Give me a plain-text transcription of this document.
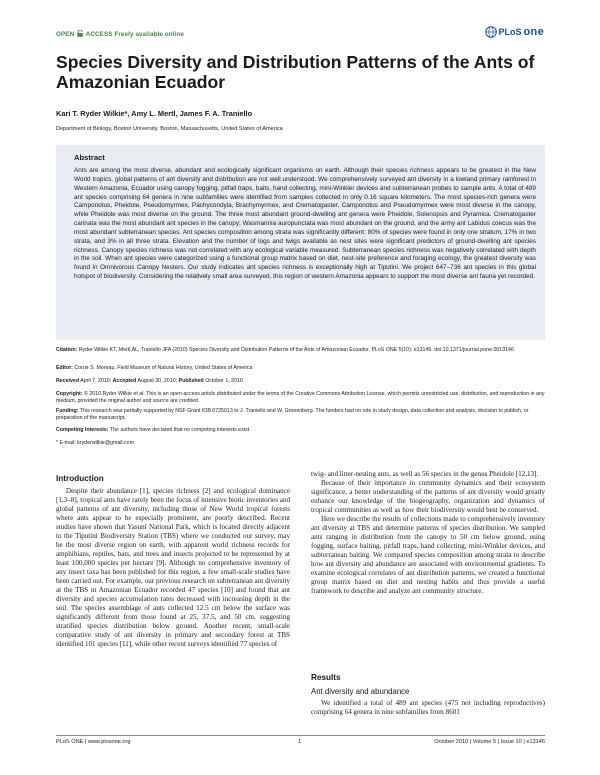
OPEN ACCESS Freely available online	PLoS one
Species Diversity and Distribution Patterns of the Ants of Amazonian Ecuador
Kari T. Ryder Wilkie*, Amy L. Mertl, James F. A. Traniello
Department of Biology, Boston University, Boston, Massachusetts, United States of America
Abstract

Ants are among the most diverse, abundant and ecologically significant organisms on earth. Although their species richness appears to be greatest in the New World tropics, global patterns of ant diversity and distribution are not well understood. We comprehensively surveyed ant diversity in a lowland primary rainforest in Western Amazonia, Ecuador using canopy fogging, pitfall traps, baits, hand collecting, mini-Winkler devices and subterranean probes to sample ants. A total of 489 ant species comprising 64 genera in nine subfamilies were identified from samples collected in only 0.16 square kilometers. The most species-rich genera were Camponotus, Pheidole, Pseudomyrmex, Pachycondyla, Brachymyrmex, and Crematogaster. Camponotus and Pseudomyrmex were most diverse in the canopy, while Pheidole was most diverse on the ground. The three most abundant ground-dwelling ant genera were Pheidole, Solenopsis and Pyramica. Crematogaster carinata was the most abundant ant species in the canopy; Wasmannia auropunctata was most abundant on the ground, and the army ant Labidus coecus was the most abundant subterranean species. Ant species composition among strata was significantly different: 80% of species were found in only one stratum, 17% in two strata, and 3% in all three strata. Elevation and the number of logs and twigs available as nest sites were significant predictors of ground-dwelling ant species richness. Canopy species richness was not correlated with any ecological variable measured. Subterranean species richness was negatively correlated with depth in the soil. When ant species were categorized using a functional group matrix based on diet, nest-site preference and foraging ecology, the greatest diversity was found in Omnivorous Canopy Nesters. Our study indicates ant species richness is exceptionally high at Tiputini. We project 647–736 ant species in this global hotspot of biodiversity. Considering the relatively small area surveyed, this region of western Amazonia appears to support the most diverse ant fauna yet recorded.

Citation: Ryder Wilkie KT, Mertl AL, Traniello JFA (2010) Species Diversity and Distribution Patterns of the Ants of Amazonian Ecuador. PLoS ONE 5(10): e13146. doi:10.1371/journal.pone.0013146
Editor: Corrie S. Moreau, Field Museum of Natural History, United States of America
Received April 7, 2010; Accepted August 30, 2010; Published October 1, 2010
Copyright: © 2010 Ryder Wilkie et al. This is an open-access article distributed under the terms of the Creative Commons Attribution License, which permits unrestricted use, distribution, and reproduction in any medium, provided the original author and source are credited.
Funding: This research was partially supported by NSF Grant IOB 0725013 to J. Traniello and W. Gronenberg. The funders had no role in study design, data collection and analysis, decision to publish, or preparation of the manuscript.
Competing Interests: The authors have declared that no competing interests exist.
* E-mail: kryderwilkie@gmail.com
Introduction

Despite their abundance [1], species richness [2] and ecological dominance [1,3–8], tropical ants have rarely been the focus of intensive biotic inventories and global patterns of ant diversity, including those of New World tropical forests where ants appear to be especially prominent, are poorly described. Recent studies have shown that Yasuní National Park, which is located directly adjacent to the Tiputini Biodiversity Station (TBS) where we conducted our survey, may be the most diverse region on earth, with apparent world richness records for amphibians, reptiles, bats, and trees and insects projected to be represented by at least 100,000 species per hectare [9]. Although no comprehensive inventory of any insect taxa has been published for this region, a few small-scale studies have been carried out. For example, our previous research on subterranean ant diversity at the TBS in Amazonian Ecuador recorded 47 species [10] and found that ant diversity and species accumulation rates decreased with increasing depth in the soil. The species assemblage of ants collected 12.5 cm below the surface was significantly different from those found at 25, 37.5, and 50 cm, suggesting stratified species distribution below ground. Another recent, small-scale comparative study of ant diversity in primary and secondary forest at TBS identified 101 species [11], while other recent surveys identified 77 species of

twig- and litter-nesting ants, as well as 56 species in the genus Pheidole [12,13].

Because of their importance in community dynamics and their ecosystem significance, a better understanding of the patterns of ant diversity would greatly enhance our knowledge of the biogeography, organization and dynamics of tropical communities as well as how their biodiversity would best be conserved.

Here we describe the results of collections made to comprehensively inventory ant diversity at TBS and determine patterns of species distribution. We sampled ants ranging in distribution from the canopy to 50 cm below ground, using fogging, surface baiting, pitfall traps, hand collecting, mini-Winkler devices, and subterranean baiting. We compared species composition among strata to describe how ant diversity and abundance are associated with environmental gradients. To examine ecological correlates of ant distribution patterns, we created a functional group matrix based on diet and nesting habits and thus provide a useful framework to describe and analyze ant community structure.

Results
Ant diversity and abundance

We identified a total of 489 ant species (475 not including reproductives) comprising 64 genera in nine subfamilies from 8601

PLoS ONE | www.plosone.org	1	October 2010 | Volume 5 | Issue 10 | e13146
